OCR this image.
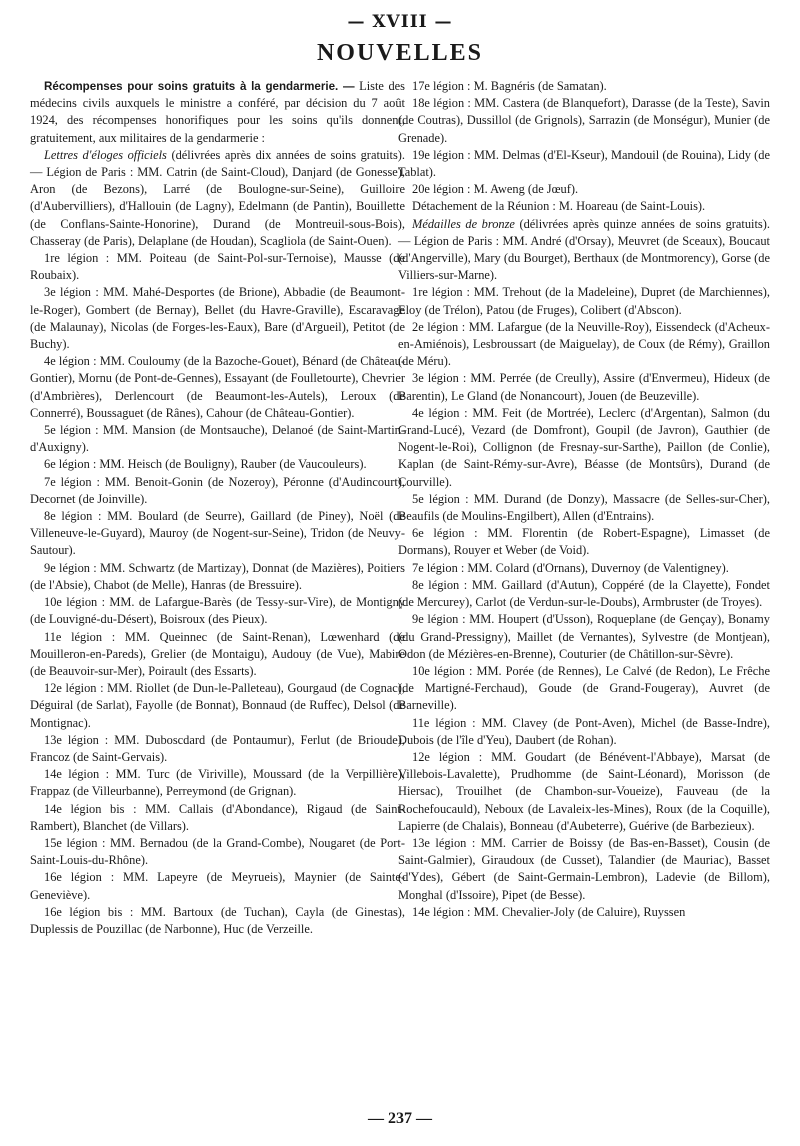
— XVIII —
NOUVELLES

Récompenses pour soins gratuits à la gendarmerie. — Liste des médecins civils auxquels le ministre a conféré, par décision du 7 août 1924, des récompenses honorifiques pour les soins qu'ils donnent, gratuitement, aux militaires de la gendarmerie :

Lettres d'éloges officiels (délivrées après dix années de soins gratuits). — Légion de Paris : MM. Catrin (de Saint-Cloud), Danjard (de Gonesse), Aron (de Bezons), Larré (de Boulogne-sur-Seine), Guilloire (d'Aubervilliers), d'Hallouin (de Lagny), Edelmann (de Pantin), Bouillette (de Conflans-Sainte-Honorine), Durand (de Montreuil-sous-Bois), Chasseray (de Paris), Delaplane (de Houdan), Scagliola (de Saint-Ouen).

1re légion : MM. Poiteau (de Saint-Pol-sur-Ternoise), Mausse (de Roubaix).

3e légion : MM. Mahé-Desportes (de Brione), Abbadie (de Beaumont-le-Roger), Gombert (de Bernay), Bellet (du Havre-Graville), Escaravage (de Malaunay), Nicolas (de Forges-les-Eaux), Bare (d'Argueil), Petitot (de Buchy).

4e légion : MM. Couloumy (de la Bazoche-Gouet), Bénard (de Château-Gontier), Mornu (de Pont-de-Gennes), Essayant (de Foulletourte), Chevrier (d'Ambrières), Derlencourt (de Beaumont-les-Autels), Leroux (de Connerré), Boussaguet (de Rânes), Cahour (de Château-Gontier).

5e légion : MM. Mansion (de Montsauche), Delanoé (de Saint-Martin-d'Auxigny).

6e légion : MM. Heisch (de Bouligny), Rauber (de Vaucouleurs).

7e légion : MM. Benoit-Gonin (de Nozeroy), Péronne (d'Audincourt), Decornet (de Joinville).

8e légion : MM. Boulard (de Seurre), Gaillard (de Piney), Noël (de Villeneuve-le-Guyard), Mauroy (de Nogent-sur-Seine), Tridon (de Neuvy-Sautour).

9e légion : MM. Schwartz (de Martizay), Donnat (de Mazières), Poitiers (de l'Absie), Chabot (de Melle), Hanras (de Bressuire).

10e légion : MM. de Lafargue-Barès (de Tessy-sur-Vire), de Montigny (de Louvigné-du-Désert), Boisroux (des Pieux).

11e légion : MM. Queinnec (de Saint-Renan), Lœwenhard (de Mouilleron-en-Pareds), Grelier (de Montaigu), Audouy (de Vue), Mabire (de Beauvoir-sur-Mer), Poirault (des Essarts).

12e légion : MM. Riollet (de Dun-le-Palleteau), Gourgaud (de Cognac), Déguiral (de Sarlat), Fayolle (de Bonnat), Bonnaud (de Ruffec), Delsol (de Montignac).

13e légion : MM. Duboscdard (de Pontaumur), Ferlut (de Brioude), Francoz (de Saint-Gervais).

14e légion : MM. Turc (de Viriville), Moussard (de la Verpillière), Frappaz (de Villeurbanne), Perreymond (de Grignan).

14e légion bis : MM. Callais (d'Abondance), Rigaud (de Saint-Rambert), Blanchet (de Villars).

15e légion : MM. Bernadou (de la Grand-Combe), Nougaret (de Port-Saint-Louis-du-Rhône).

16e légion : MM. Lapeyre (de Meyrueis), Maynier (de Sainte-Geneviève).

16e légion bis : MM. Bartoux (de Tuchan), Cayla (de Ginestas), Duplessis de Pouzillac (de Narbonne), Huc (de Verzeille.

17e légion : M. Bagnéris (de Samatan).

18e légion : MM. Castera (de Blanquefort), Darasse (de la Teste), Savin (de Coutras), Dussillol (de Grignols), Sarrazin (de Monségur), Munier (de Grenade).

19e légion : MM. Delmas (d'El-Kseur), Mandouil (de Rouina), Lidy (de Tablat).

20e légion : M. Aweng (de Jœuf).

Détachement de la Réunion : M. Hoareau (de Saint-Louis).

Médailles de bronze (délivrées après quinze années de soins gratuits). — Légion de Paris : MM. André (d'Orsay), Meuvret (de Sceaux), Boucaut (d'Angerville), Mary (du Bourget), Berthaux (de Montmorency), Gorse (de Villiers-sur-Marne).

1re légion : MM. Trehout (de la Madeleine), Dupret (de Marchiennes), Eloy (de Trélon), Patou (de Fruges), Colibert (d'Abscon).

2e légion : MM. Lafargue (de la Neuville-Roy), Eissendeck (d'Acheux-en-Amiénois), Lesbroussart (de Maiguelay), de Coux (de Rémy), Graillon (de Méru).

3e légion : MM. Perrée (de Creully), Assire (d'Envermeu), Hideux (de Barentin), Le Gland (de Nonancourt), Jouen (de Beuzeville).

4e légion : MM. Feit (de Mortrée), Leclerc (d'Argentan), Salmon (du Grand-Lucé), Vezard (de Domfront), Goupil (de Javron), Gauthier (de Nogent-le-Roi), Collignon (de Fresnay-sur-Sarthe), Paillon (de Conlie), Kaplan (de Saint-Rémy-sur-Avre), Béasse (de Montsûrs), Durand (de Courville).

5e légion : MM. Durand (de Donzy), Massacre (de Selles-sur-Cher), Beaufils (de Moulins-Engilbert), Allen (d'Entrains).

6e légion : MM. Florentin (de Robert-Espagne), Limasset (de Dormans), Rouyer et Weber (de Void).

7e légion : MM. Colard (d'Ornans), Duvernoy (de Valentigney).

8e légion : MM. Gaillard (d'Autun), Coppéré (de la Clayette), Fondet (de Mercurey), Carlot (de Verdun-sur-le-Doubs), Armbruster (de Troyes).

9e légion : MM. Houpert (d'Usson), Roqueplane (de Gençay), Bonamy (du Grand-Pressigny), Maillet (de Vernantes), Sylvestre (de Montjean), Odon (de Mézières-en-Brenne), Couturier (de Châtillon-sur-Sèvre).

10e légion : MM. Porée (de Rennes), Le Calvé (de Redon), Le Frêche (de Martigné-Ferchaud), Goude (de Grand-Fougeray), Auvret (de Barneville).

11e légion : MM. Clavey (de Pont-Aven), Michel (de Basse-Indre), Dubois (de l'île d'Yeu), Daubert (de Rohan).

12e légion : MM. Goudart (de Bénévent-l'Abbaye), Marsat (de Villebois-Lavalette), Prudhomme (de Saint-Léonard), Morisson (de Hiersac), Trouilhet (de Chambon-sur-Voueize), Fauveau (de la Rochefoucauld), Neboux (de Lavaleix-les-Mines), Roux (de la Coquille), Lapierre (de Chalais), Bonneau (d'Aubeterre), Guérive (de Barbezieux).

13e légion : MM. Carrier de Boissy (de Bas-en-Basset), Cousin (de Saint-Galmier), Giraudoux (de Cusset), Talandier (de Mauriac), Basset (d'Ydes), Gébert (de Saint-Germain-Lembron), Ladevie (de Billom), Monghal (d'Issoire), Pipet (de Besse).

14e légion : MM. Chevalier-Joly (de Caluire), Ruyssen

— 237 —
